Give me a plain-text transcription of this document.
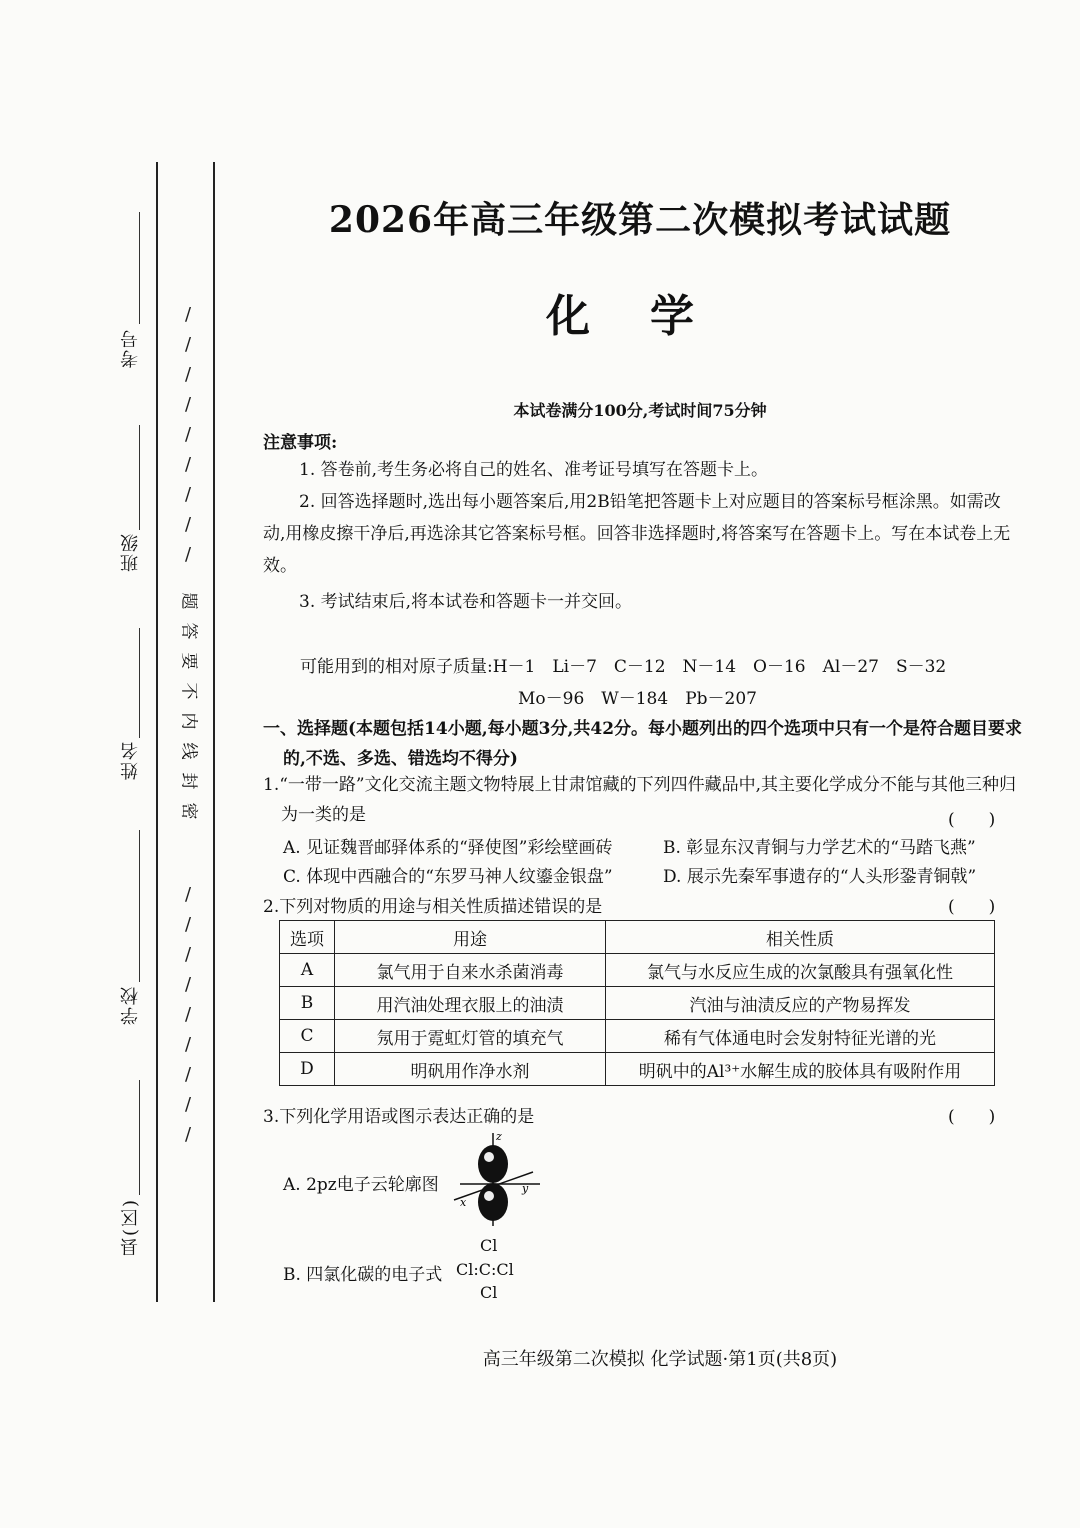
考号
班级
姓名
学校
县(区)
/
/
/
/
/
/
/
/
/
题
答
要
不
内
线
封
密
/
/
/
/
/
/
/
/
/
2026年高三年级第二次模拟考试试题
化学
本试卷满分100分,考试时间75分钟
注意事项:
1. 答卷前,考生务必将自己的姓名、准考证号填写在答题卡上。
2. 回答选择题时,选出每小题答案后,用2B铅笔把答题卡上对应题目的答案标号框涂黑。如需改动,用橡皮擦干净后,再选涂其它答案标号框。回答非选择题时,将答案写在答题卡上。写在本试卷上无效。
3. 考试结束后,将本试卷和答题卡一并交回。
可能用到的相对原子质量:H－1　Li－7　C－12　N－14　O－16　Al－27　S－32
Mo－96　W－184　Pb－207
一、选择题(本题包括14小题,每小题3分,共42分。每小题列出的四个选项中只有一个是符合题目要求的,不选、多选、错选均不得分)
1.“一带一路”文化交流主题文物特展上甘肃馆藏的下列四件藏品中,其主要化学成分不能与其他三种归为一类的是	(　　)
A. 见证魏晋邮驿体系的“驿使图”彩绘壁画砖	B. 彰显东汉青铜与力学艺术的“马踏飞燕”
C. 体现中西融合的“东罗马神人纹鎏金银盘”	D. 展示先秦军事遗存的“人头形銎青铜戟”
2.下列对物质的用途与相关性质描述错误的是	(　　)
选项	用途	相关性质
A	氯气用于自来水杀菌消毒	氯气与水反应生成的次氯酸具有强氧化性
B	用汽油处理衣服上的油渍	汽油与油渍反应的产物易挥发
C	氖用于霓虹灯管的填充气	稀有气体通电时会发射特征光谱的光
D	明矾用作净水剂	明矾中的Al³⁺水解生成的胶体具有吸附作用
3.下列化学用语或图示表达正确的是	(　　)
A. 2pz电子云轮廓图
z
y
x
B. 四氯化碳的电子式
Cl
Cl:C:Cl
Cl
高三年级第二次模拟 化学试题·第1页(共8页)
